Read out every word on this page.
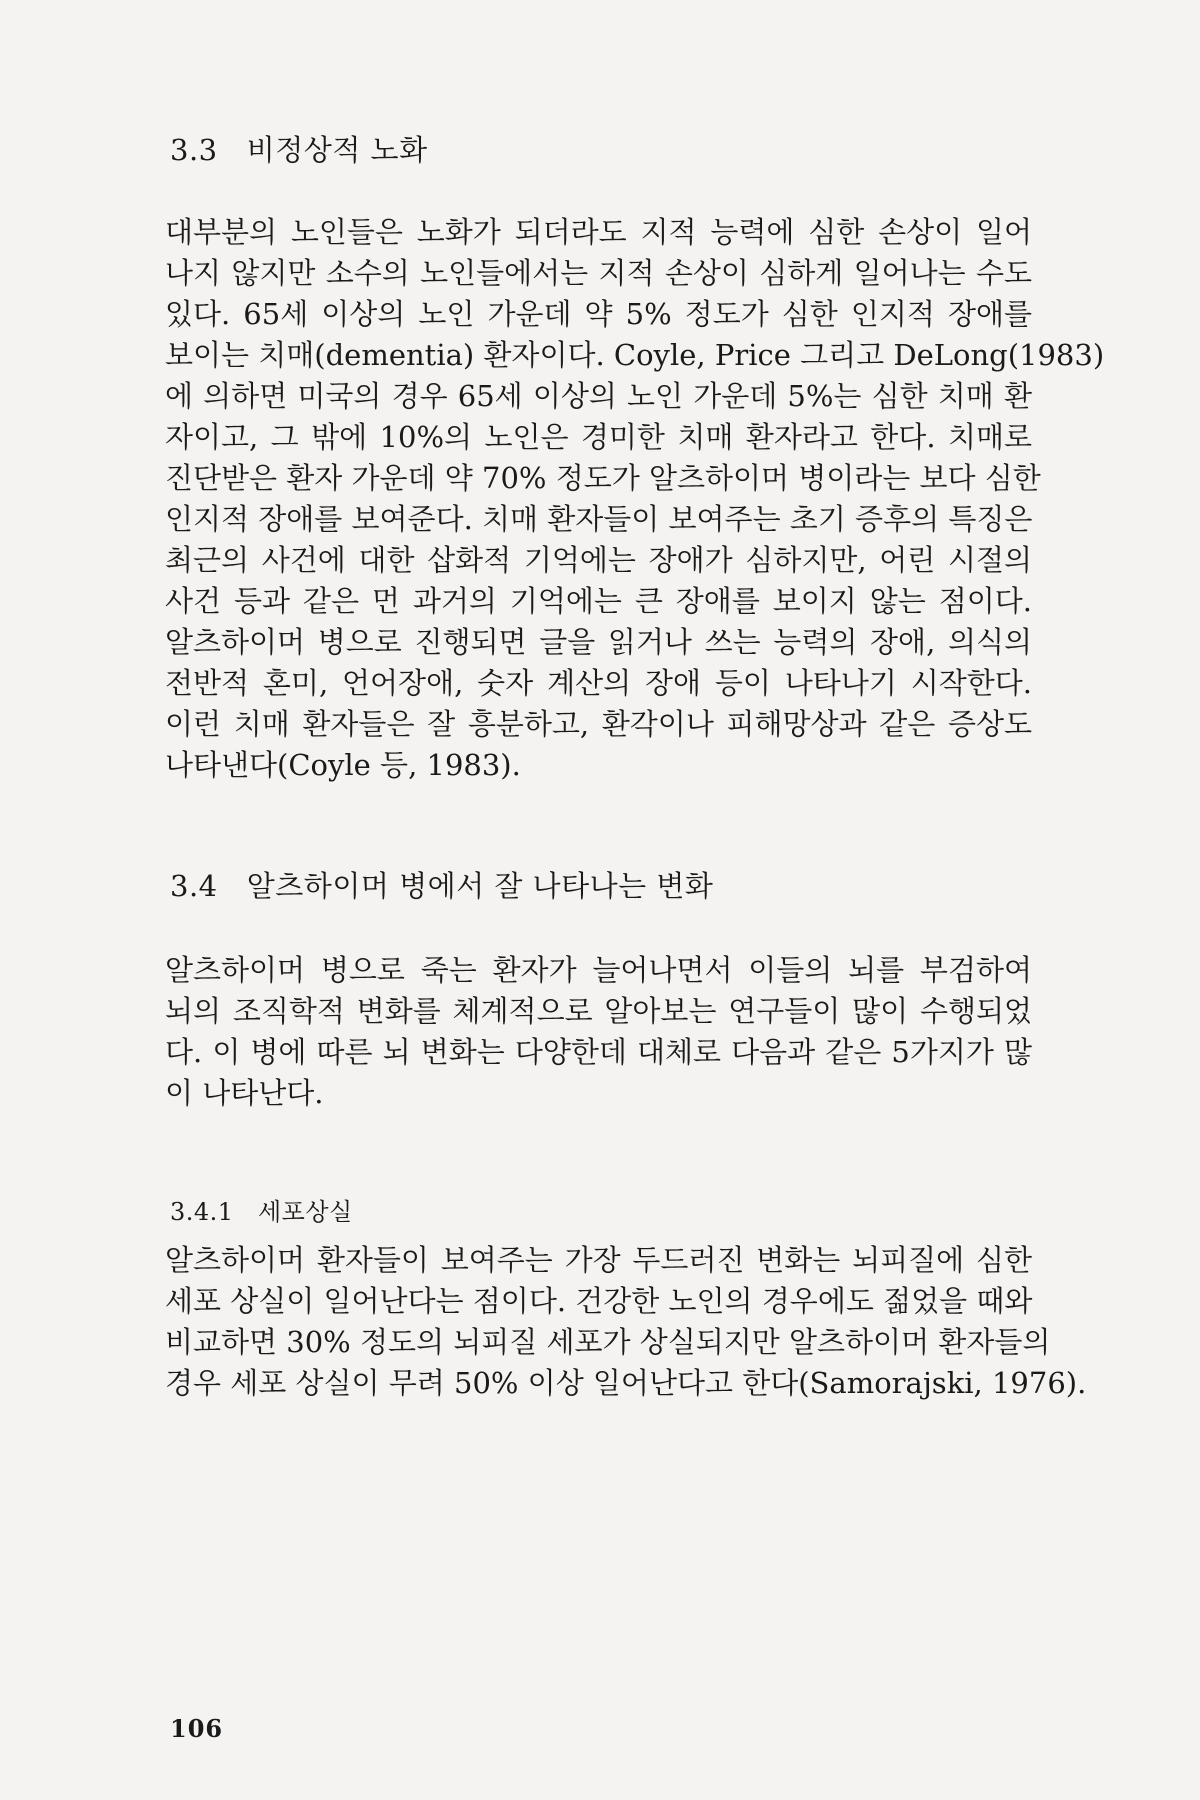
3.3 비정상적 노화

대부분의 노인들은 노화가 되더라도 지적 능력에 심한 손상이 일어

나지 않지만 소수의 노인들에서는 지적 손상이 심하게 일어나는 수도

있다. 65세 이상의 노인 가운데 약 5% 정도가 심한 인지적 장애를

보이는 치매(dementia) 환자이다. Coyle, Price 그리고 DeLong(1983)

에 의하면 미국의 경우 65세 이상의 노인 가운데 5%는 심한 치매 환

자이고, 그 밖에 10%의 노인은 경미한 치매 환자라고 한다. 치매로

진단받은 환자 가운데 약 70% 정도가 알츠하이머 병이라는 보다 심한

인지적 장애를 보여준다. 치매 환자들이 보여주는 초기 증후의 특징은

최근의 사건에 대한 삽화적 기억에는 장애가 심하지만, 어린 시절의

사건 등과 같은 먼 과거의 기억에는 큰 장애를 보이지 않는 점이다.

알츠하이머 병으로 진행되면 글을 읽거나 쓰는 능력의 장애, 의식의

전반적 혼미, 언어장애, 숫자 계산의 장애 등이 나타나기 시작한다.

이런 치매 환자들은 잘 흥분하고, 환각이나 피해망상과 같은 증상도

나타낸다(Coyle 등, 1983).

3.4 알츠하이머 병에서 잘 나타나는 변화

알츠하이머 병으로 죽는 환자가 늘어나면서 이들의 뇌를 부검하여

뇌의 조직학적 변화를 체계적으로 알아보는 연구들이 많이 수행되었

다. 이 병에 따른 뇌 변화는 다양한데 대체로 다음과 같은 5가지가 많

이 나타난다.

3.4.1 세포상실

알츠하이머 환자들이 보여주는 가장 두드러진 변화는 뇌피질에 심한

세포 상실이 일어난다는 점이다. 건강한 노인의 경우에도 젊었을 때와

비교하면 30% 정도의 뇌피질 세포가 상실되지만 알츠하이머 환자들의

경우 세포 상실이 무려 50% 이상 일어난다고 한다(Samorajski, 1976).

106
